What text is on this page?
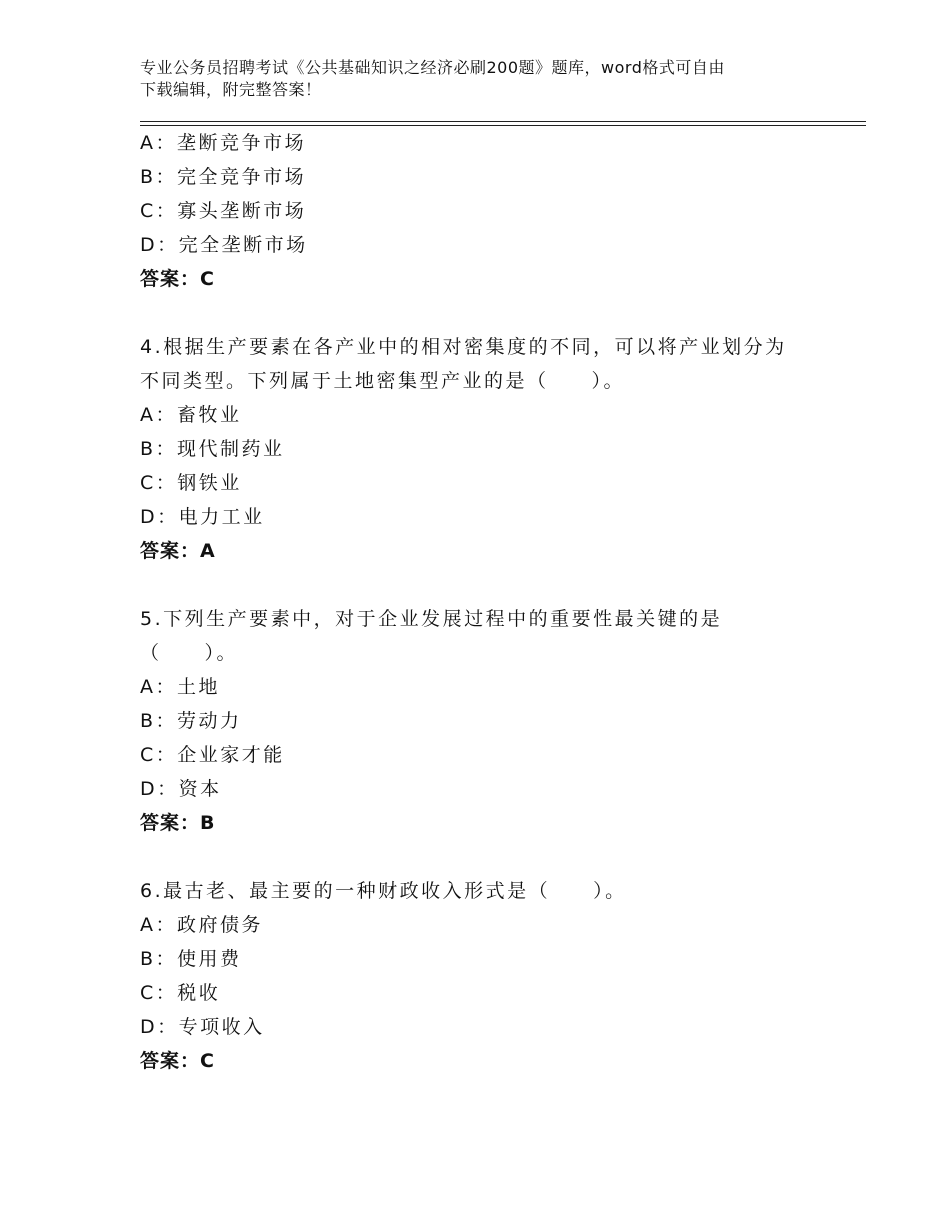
专业公务员招聘考试《公共基础知识之经济必刷200题》题库，word格式可自由
下载编辑，附完整答案！
A：垄断竞争市场
B：完全竞争市场
C：寡头垄断市场
D：完全垄断市场
答案：C
4.根据生产要素在各产业中的相对密集度的不同，可以将产业划分为
不同类型。下列属于土地密集型产业的是（　　）。
A：畜牧业
B：现代制药业
C：钢铁业
D：电力工业
答案：A
5.下列生产要素中，对于企业发展过程中的重要性最关键的是
（　　）。
A：土地
B：劳动力
C：企业家才能
D：资本
答案：B
6.最古老、最主要的一种财政收入形式是（　　）。
A：政府债务
B：使用费
C：税收
D：专项收入
答案：C
